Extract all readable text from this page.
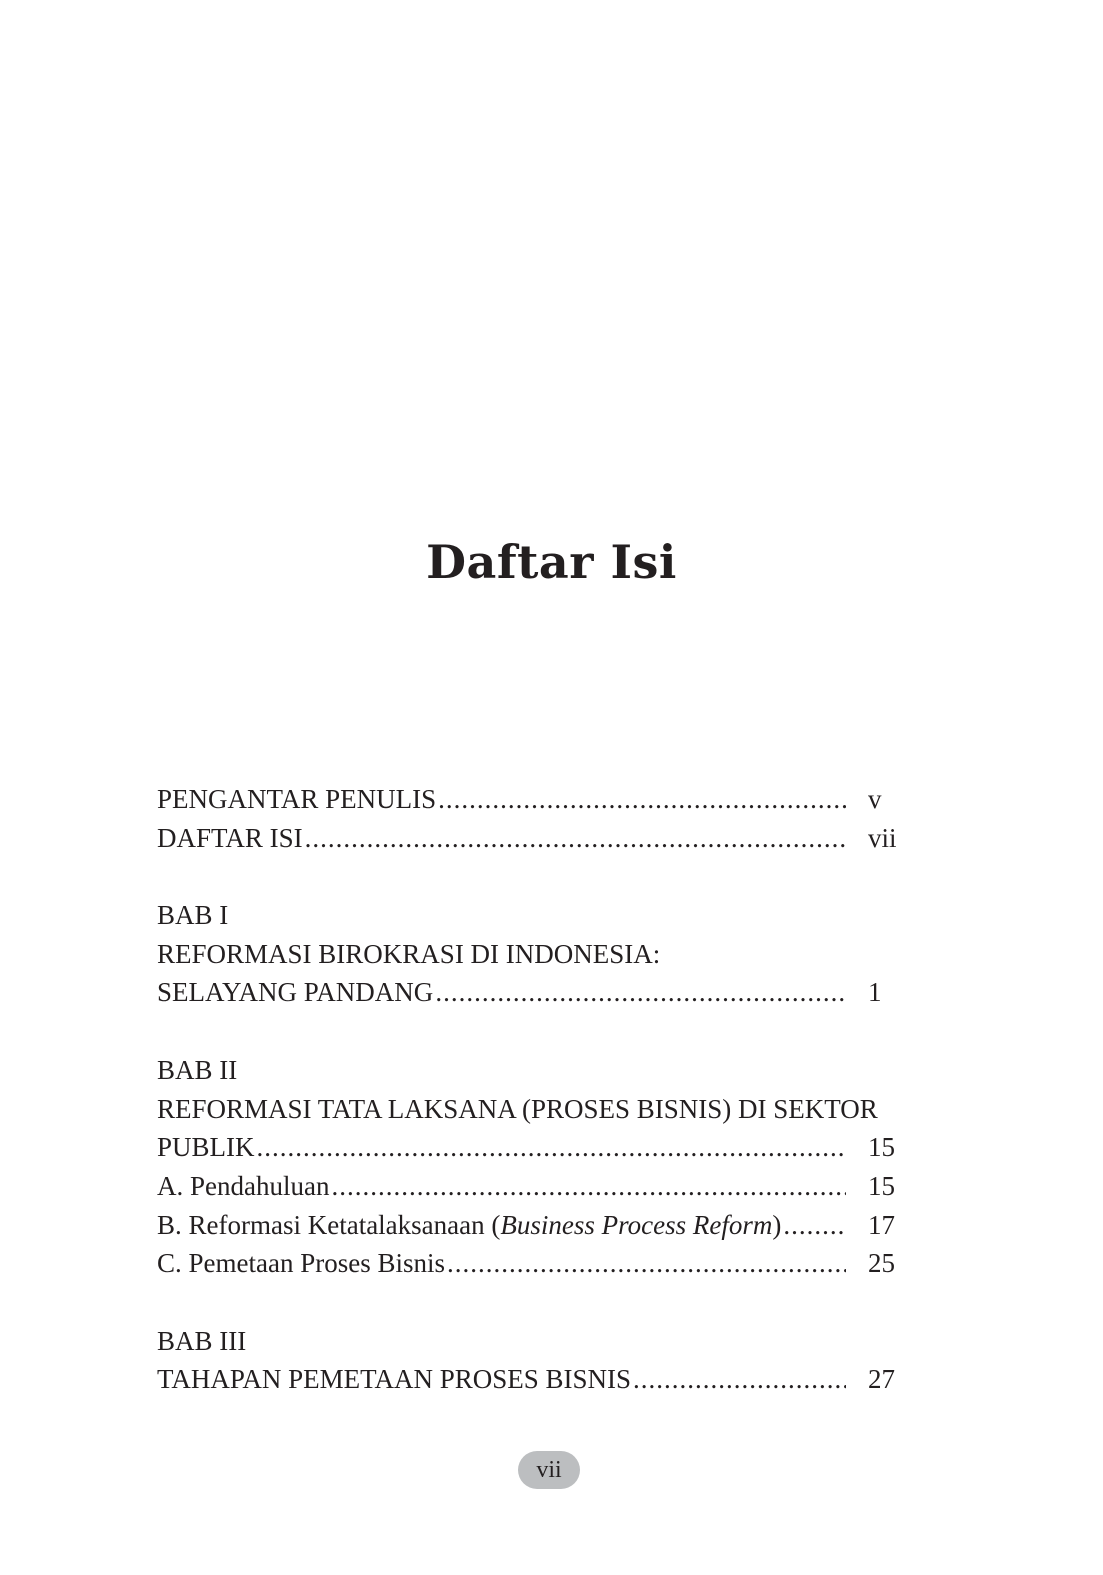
Daftar Isi
PENGANTAR PENULIS .....	v
DAFTAR ISI .....	vii
BAB I
REFORMASI BIROKRASI DI INDONESIA:
SELAYANG PANDANG .....	1
BAB II
REFORMASI TATA LAKSANA (PROSES BISNIS) DI SEKTOR
PUBLIK .....	15
A. Pendahuluan .....	15
B. Reformasi Ketatalaksanaan (Business Process Reform) .....	17
C. Pemetaan Proses Bisnis .....	25
BAB III
TAHAPAN PEMETAAN PROSES BISNIS .....	27
vii
